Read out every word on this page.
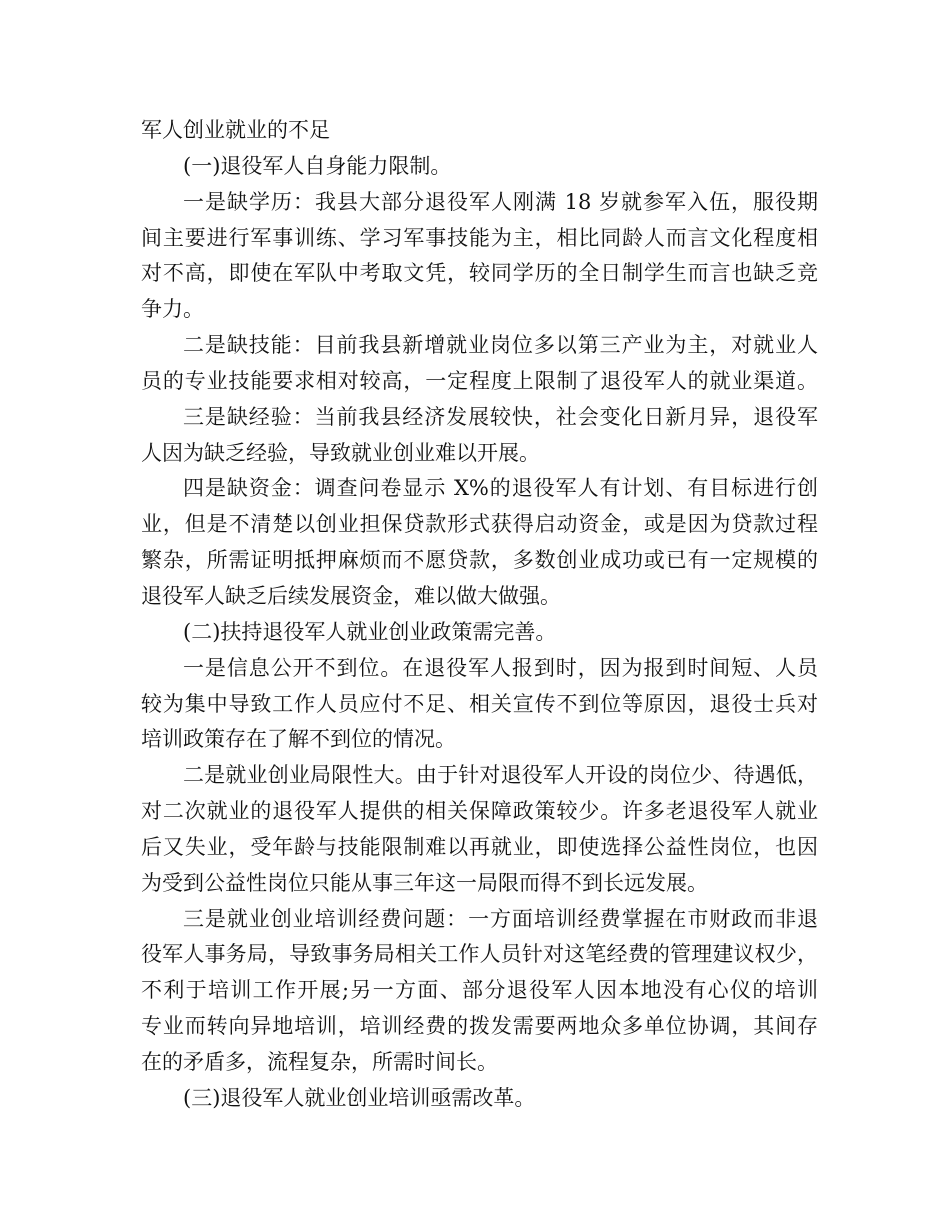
军人创业就业的不足
(一)退役军人自身能力限制。
一是缺学历：我县大部分退役军人刚满 18 岁就参军入伍，服役期
间主要进行军事训练、学习军事技能为主，相比同龄人而言文化程度相
对不高，即使在军队中考取文凭，较同学历的全日制学生而言也缺乏竞
争力。
二是缺技能：目前我县新增就业岗位多以第三产业为主，对就业人
员的专业技能要求相对较高，一定程度上限制了退役军人的就业渠道。
三是缺经验：当前我县经济发展较快，社会变化日新月异，退役军
人因为缺乏经验，导致就业创业难以开展。
四是缺资金：调查问卷显示 X%的退役军人有计划、有目标进行创
业，但是不清楚以创业担保贷款形式获得启动资金，或是因为贷款过程
繁杂，所需证明抵押麻烦而不愿贷款，多数创业成功或已有一定规模的
退役军人缺乏后续发展资金，难以做大做强。
(二)扶持退役军人就业创业政策需完善。
一是信息公开不到位。在退役军人报到时，因为报到时间短、人员
较为集中导致工作人员应付不足、相关宣传不到位等原因，退役士兵对
培训政策存在了解不到位的情况。
二是就业创业局限性大。由于针对退役军人开设的岗位少、待遇低，
对二次就业的退役军人提供的相关保障政策较少。许多老退役军人就业
后又失业，受年龄与技能限制难以再就业，即使选择公益性岗位，也因
为受到公益性岗位只能从事三年这一局限而得不到长远发展。
三是就业创业培训经费问题：一方面培训经费掌握在市财政而非退
役军人事务局，导致事务局相关工作人员针对这笔经费的管理建议权少，
不利于培训工作开展;另一方面、部分退役军人因本地没有心仪的培训
专业而转向异地培训，培训经费的拨发需要两地众多单位协调，其间存
在的矛盾多，流程复杂，所需时间长。
(三)退役军人就业创业培训亟需改革。
